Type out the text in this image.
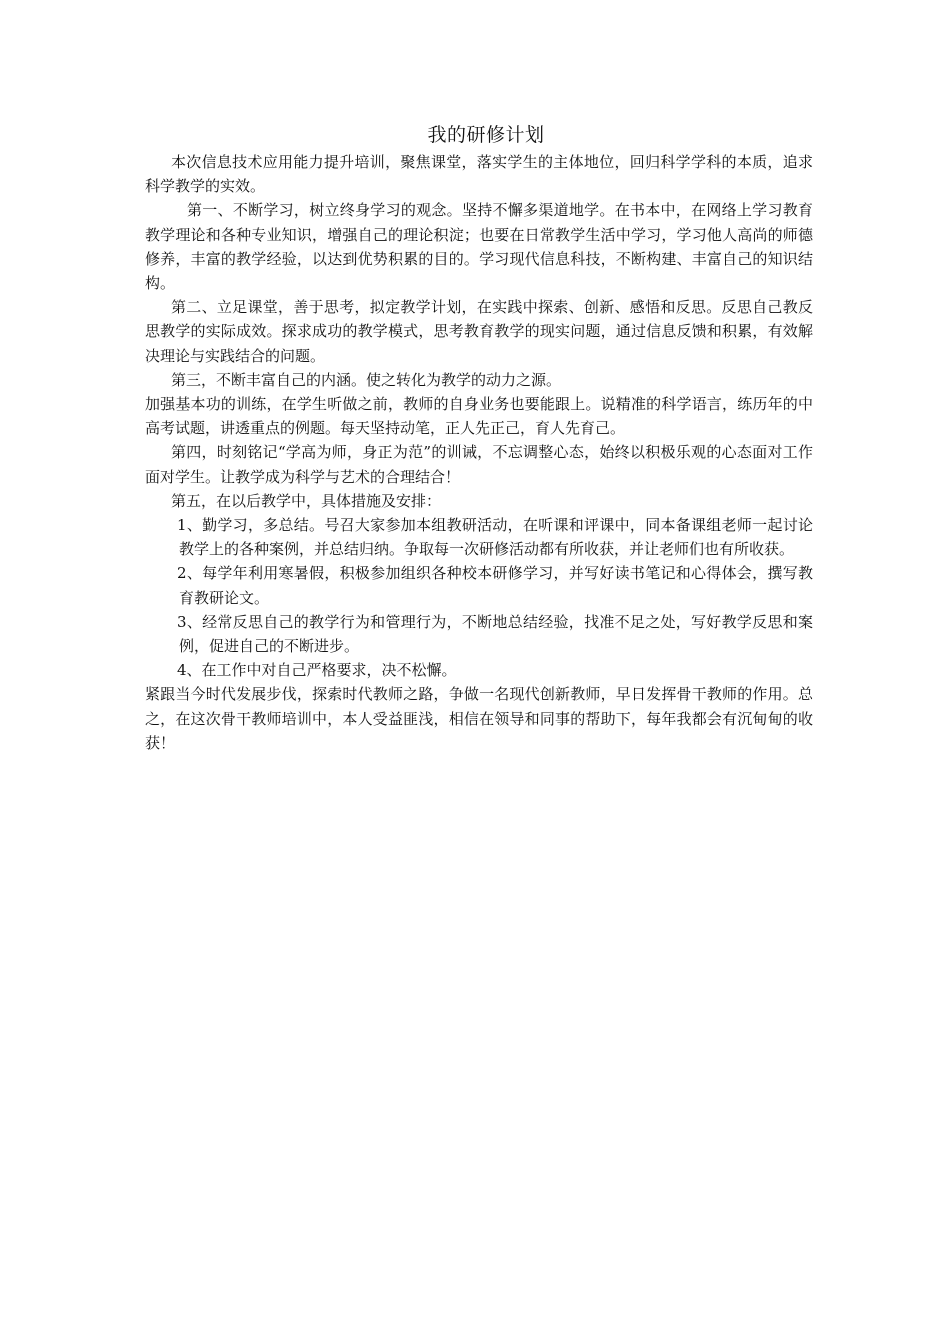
我的研修计划

本次信息技术应用能力提升培训，聚焦课堂，落实学生的主体地位，回归科学学科的本质，追求科学教学的实效。

第一、不断学习，树立终身学习的观念。坚持不懈多渠道地学。在书本中，在网络上学习教育教学理论和各种专业知识，增强自己的理论积淀；也要在日常教学生活中学习，学习他人高尚的师德修养，丰富的教学经验，以达到优势积累的目的。学习现代信息科技，不断构建、丰富自己的知识结构。

第二、立足课堂，善于思考，拟定教学计划，在实践中探索、创新、感悟和反思。反思自己教反思教学的实际成效。探求成功的教学模式，思考教育教学的现实问题，通过信息反馈和积累，有效解决理论与实践结合的问题。

第三，不断丰富自己的内涵。使之转化为教学的动力之源。

加强基本功的训练，在学生听做之前，教师的自身业务也要能跟上。说精准的科学语言，练历年的中高考试题，讲透重点的例题。每天坚持动笔，正人先正己，育人先育己。

第四，时刻铭记“学高为师，身正为范”的训诫，不忘调整心态，始终以积极乐观的心态面对工作面对学生。让教学成为科学与艺术的合理结合！

第五，在以后教学中，具体措施及安排：

1、勤学习，多总结。号召大家参加本组教研活动，在听课和评课中，同本备课组老师一起讨论教学上的各种案例，并总结归纳。争取每一次研修活动都有所收获，并让老师们也有所收获。

2、每学年利用寒暑假，积极参加组织各种校本研修学习，并写好读书笔记和心得体会，撰写教育教研论文。

3、经常反思自己的教学行为和管理行为，不断地总结经验，找准不足之处，写好教学反思和案例，促进自己的不断进步。

4、在工作中对自己严格要求，决不松懈。

紧跟当今时代发展步伐，探索时代教师之路，争做一名现代创新教师，早日发挥骨干教师的作用。总之，在这次骨干教师培训中，本人受益匪浅，相信在领导和同事的帮助下，每年我都会有沉甸甸的收获！
